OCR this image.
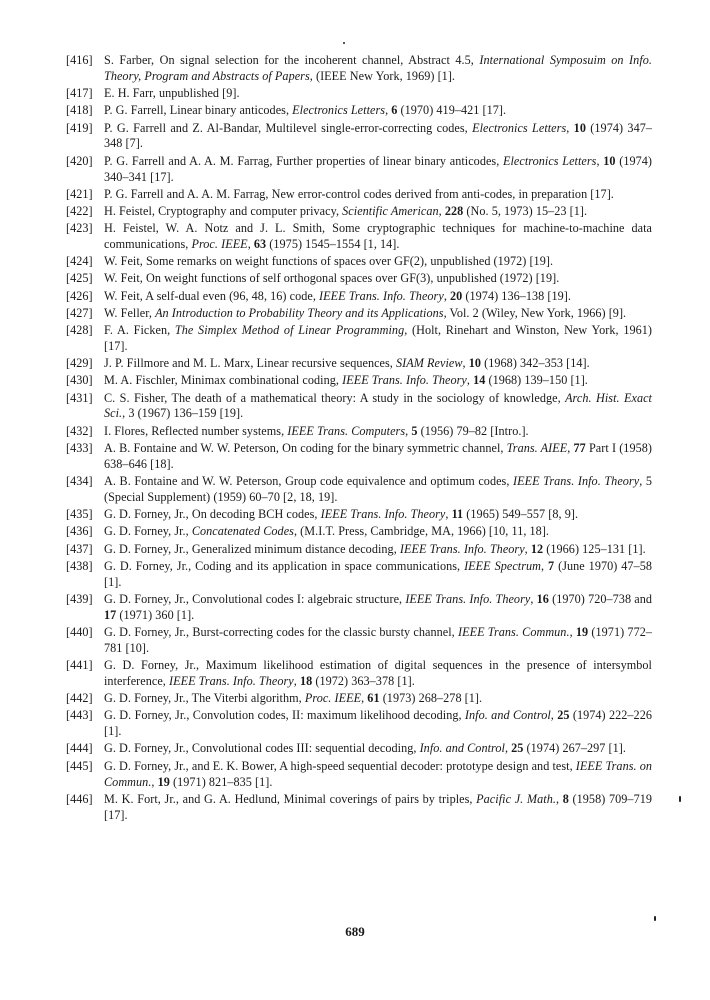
[416] S. Farber, On signal selection for the incoherent channel, Abstract 4.5, International Symposuim on Info. Theory, Program and Abstracts of Papers, (IEEE New York, 1969) [1].
[417] E. H. Farr, unpublished [9].
[418] P. G. Farrell, Linear binary anticodes, Electronics Letters, 6 (1970) 419–421 [17].
[419] P. G. Farrell and Z. Al-Bandar, Multilevel single-error-correcting codes, Electronics Letters, 10 (1974) 347–348 [7].
[420] P. G. Farrell and A. A. M. Farrag, Further properties of linear binary anticodes, Electronics Letters, 10 (1974) 340–341 [17].
[421] P. G. Farrell and A. A. M. Farrag, New error-control codes derived from anti-codes, in preparation [17].
[422] H. Feistel, Cryptography and computer privacy, Scientific American, 228 (No. 5, 1973) 15–23 [1].
[423] H. Feistel, W. A. Notz and J. L. Smith, Some cryptographic techniques for machine-to-machine data communications, Proc. IEEE, 63 (1975) 1545–1554 [1, 14].
[424] W. Feit, Some remarks on weight functions of spaces over GF(2), unpublished (1972) [19].
[425] W. Feit, On weight functions of self orthogonal spaces over GF(3), unpublished (1972) [19].
[426] W. Feit, A self-dual even (96, 48, 16) code, IEEE Trans. Info. Theory, 20 (1974) 136–138 [19].
[427] W. Feller, An Introduction to Probability Theory and its Applications, Vol. 2 (Wiley, New York, 1966) [9].
[428] F. A. Ficken, The Simplex Method of Linear Programming, (Holt, Rinehart and Winston, New York, 1961) [17].
[429] J. P. Fillmore and M. L. Marx, Linear recursive sequences, SIAM Review, 10 (1968) 342–353 [14].
[430] M. A. Fischler, Minimax combinational coding, IEEE Trans. Info. Theory, 14 (1968) 139–150 [1].
[431] C. S. Fisher, The death of a mathematical theory: A study in the sociology of knowledge, Arch. Hist. Exact Sci., 3 (1967) 136–159 [19].
[432] I. Flores, Reflected number systems, IEEE Trans. Computers, 5 (1956) 79–82 [Intro.].
[433] A. B. Fontaine and W. W. Peterson, On coding for the binary symmetric channel, Trans. AIEE, 77 Part I (1958) 638–646 [18].
[434] A. B. Fontaine and W. W. Peterson, Group code equivalence and optimum codes, IEEE Trans. Info. Theory, 5 (Special Supplement) (1959) 60–70 [2, 18, 19].
[435] G. D. Forney, Jr., On decoding BCH codes, IEEE Trans. Info. Theory, 11 (1965) 549–557 [8, 9].
[436] G. D. Forney, Jr., Concatenated Codes, (M.I.T. Press, Cambridge, MA, 1966) [10, 11, 18].
[437] G. D. Forney, Jr., Generalized minimum distance decoding, IEEE Trans. Info. Theory, 12 (1966) 125–131 [1].
[438] G. D. Forney, Jr., Coding and its application in space communications, IEEE Spectrum, 7 (June 1970) 47–58 [1].
[439] G. D. Forney, Jr., Convolutional codes I: algebraic structure, IEEE Trans. Info. Theory, 16 (1970) 720–738 and 17 (1971) 360 [1].
[440] G. D. Forney, Jr., Burst-correcting codes for the classic bursty channel, IEEE Trans. Commun., 19 (1971) 772–781 [10].
[441] G. D. Forney, Jr., Maximum likelihood estimation of digital sequences in the presence of intersymbol interference, IEEE Trans. Info. Theory, 18 (1972) 363–378 [1].
[442] G. D. Forney, Jr., The Viterbi algorithm, Proc. IEEE, 61 (1973) 268–278 [1].
[443] G. D. Forney, Jr., Convolution codes, II: maximum likelihood decoding, Info. and Control, 25 (1974) 222–226 [1].
[444] G. D. Forney, Jr., Convolutional codes III: sequential decoding, Info. and Control, 25 (1974) 267–297 [1].
[445] G. D. Forney, Jr., and E. K. Bower, A high-speed sequential decoder: prototype design and test, IEEE Trans. on Commun., 19 (1971) 821–835 [1].
[446] M. K. Fort, Jr., and G. A. Hedlund, Minimal coverings of pairs by triples, Pacific J. Math., 8 (1958) 709–719 [17].
689
